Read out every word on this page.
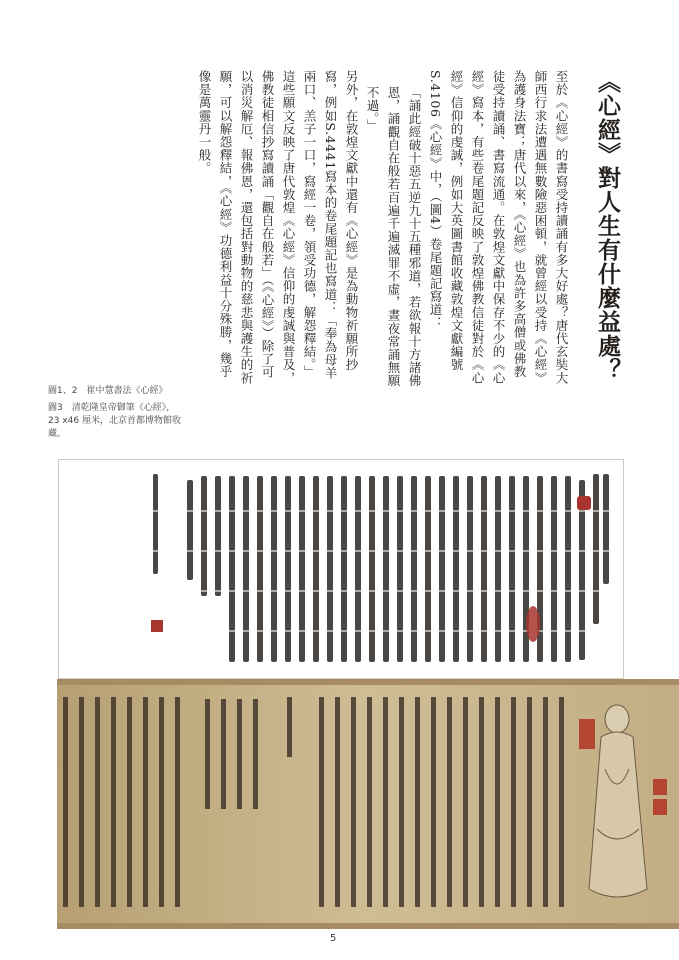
《心經》對人生有什麼益處？

至於《心經》的書寫受持讀誦有多大好處？唐代玄奘大師西行求法遭遇無數險惡困頓，就曾經以受持《心經》為護身法寶；唐代以來，《心經》也為許多高僧或佛教徒受持讀誦、書寫流通。在敦煌文獻中保存不少的《心經》寫本，有些卷尾題記反映了敦煌佛教信徒對於《心經》信仰的虔誠，例如大英圖書館收藏敦煌文獻編號S.4106《心經》中，（圖4）卷尾題記寫道：

「誦此經破十惡五逆九十五種邪道，若欲報十方諸佛恩，誦觀自在般若百遍千遍滅罪不虛，晝夜常誦無願不過。」

另外，在敦煌文獻中還有《心經》是為動物祈願所抄寫，例如S.4441寫本的卷尾題記也寫道：「奉為母羊兩口、羔子一口，寫經一卷，領受功德，解怨釋結。」

這些願文反映了唐代敦煌《心經》信仰的虔誠與普及，佛教徒相信抄寫讀誦「觀自在般若」（《心經》）除了可以消災解厄、報佛恩，還包括對動物的慈悲與護生的祈願，可以解怨釋結，《心經》功德利益十分殊勝，幾乎像是萬靈丹一般。

圖1、2　崔中慧書法《心經》
圖3　清乾隆皇帝御筆《心經》，23 x46 厘米，北京首都博物館收藏。
5
